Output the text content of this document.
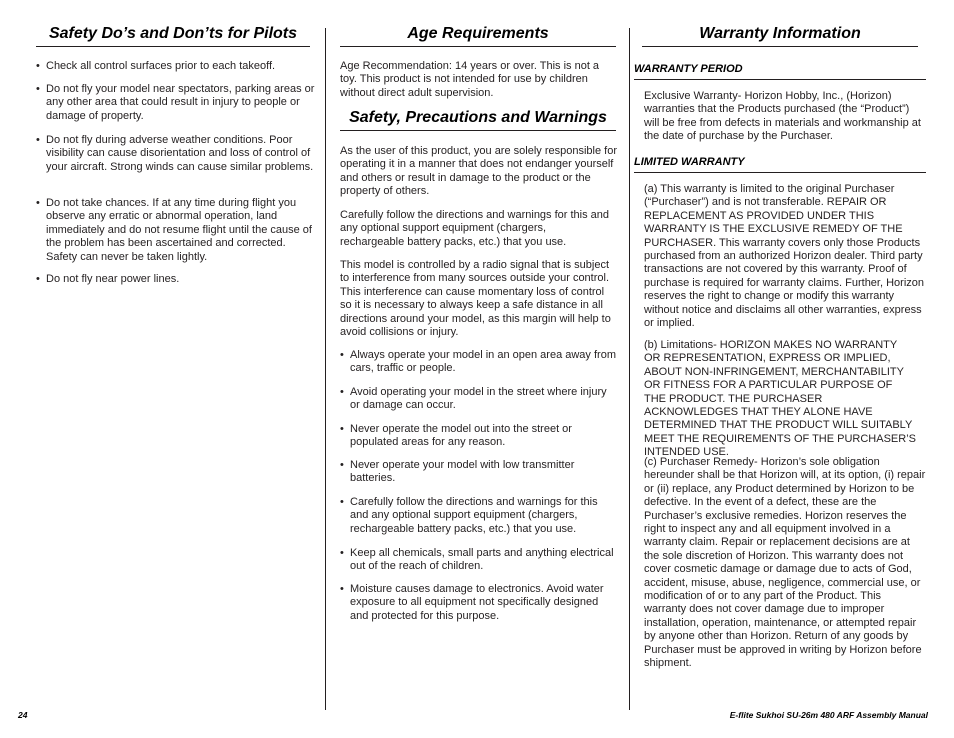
Safety Do’s and Don’ts for Pilots
• Check all control surfaces prior to each takeoff.
• Do not fly your model near spectators, parking areas or any other area that could result in injury to people or damage of property.
• Do not fly during adverse weather conditions. Poor visibility can cause disorientation and loss of control of your aircraft. Strong winds can cause similar problems.
• Do not take chances. If at any time during flight you observe any erratic or abnormal operation, land immediately and do not resume flight until the cause of the problem has been ascertained and corrected. Safety can never be taken lightly.
• Do not fly near power lines.
Age Requirements

Age Recommendation: 14 years or over. This is not a toy. This product is not intended for use by children without direct adult supervision.

Safety, Precautions and Warnings

As the user of this product, you are solely responsible for operating it in a manner that does not endanger yourself and others or result in damage to the product or the property of others.

Carefully follow the directions and warnings for this and any optional support equipment (chargers, rechargeable battery packs, etc.) that you use.

This model is controlled by a radio signal that is subject to interference from many sources outside your control. This interference can cause momentary loss of control so it is necessary to always keep a safe distance in all directions around your model, as this margin will help to avoid collisions or injury.

• Always operate your model in an open area away from cars, traffic or people.
• Avoid operating your model in the street where injury or damage can occur.
• Never operate the model out into the street or populated areas for any reason.
• Never operate your model with low transmitter batteries.
• Carefully follow the directions and warnings for this and any optional support equipment (chargers, rechargeable battery packs, etc.) that you use.
• Keep all chemicals, small parts and anything electrical out of the reach of children.
• Moisture causes damage to electronics. Avoid water exposure to all equipment not specifically designed and protected for this purpose.
Warranty Information
WARRANTY PERIOD

Exclusive Warranty- Horizon Hobby, Inc., (Horizon) warranties that the Products purchased (the “Product”) will be free from defects in materials and workmanship at the date of purchase by the Purchaser.

LIMITED WARRANTY

(a) This warranty is limited to the original Purchaser (“Purchaser”) and is not transferable. REPAIR OR REPLACEMENT AS PROVIDED UNDER THIS WARRANTY IS THE EXCLUSIVE REMEDY OF THE PURCHASER. This warranty covers only those Products purchased from an authorized Horizon dealer. Third party transactions are not covered by this warranty. Proof of purchase is required for warranty claims. Further, Horizon reserves the right to change or modify this warranty without notice and disclaims all other warranties, express or implied.

(b) Limitations- HORIZON MAKES NO WARRANTY OR REPRESENTATION, EXPRESS OR IMPLIED, ABOUT NON-INFRINGEMENT, MERCHANTABILITY OR FITNESS FOR A PARTICULAR PURPOSE OF THE PRODUCT. THE PURCHASER ACKNOWLEDGES THAT THEY ALONE HAVE DETERMINED THAT THE PRODUCT WILL SUITABLY MEET THE REQUIREMENTS OF THE PURCHASER’S INTENDED USE.

(c) Purchaser Remedy- Horizon’s sole obligation hereunder shall be that Horizon will, at its option, (i) repair or (ii) replace, any Product determined by Horizon to be defective. In the event of a defect, these are the Purchaser’s exclusive remedies. Horizon reserves the right to inspect any and all equipment involved in a warranty claim. Repair or replacement decisions are at the sole discretion of Horizon. This warranty does not cover cosmetic damage or damage due to acts of God, accident, misuse, abuse, negligence, commercial use, or modification of or to any part of the Product. This warranty does not cover damage due to improper installation, operation, maintenance, or attempted repair by anyone other than Horizon. Return of any goods by Purchaser must be approved in writing by Horizon before shipment.

24	E-flite Sukhoi SU-26m 480 ARF Assembly Manual
